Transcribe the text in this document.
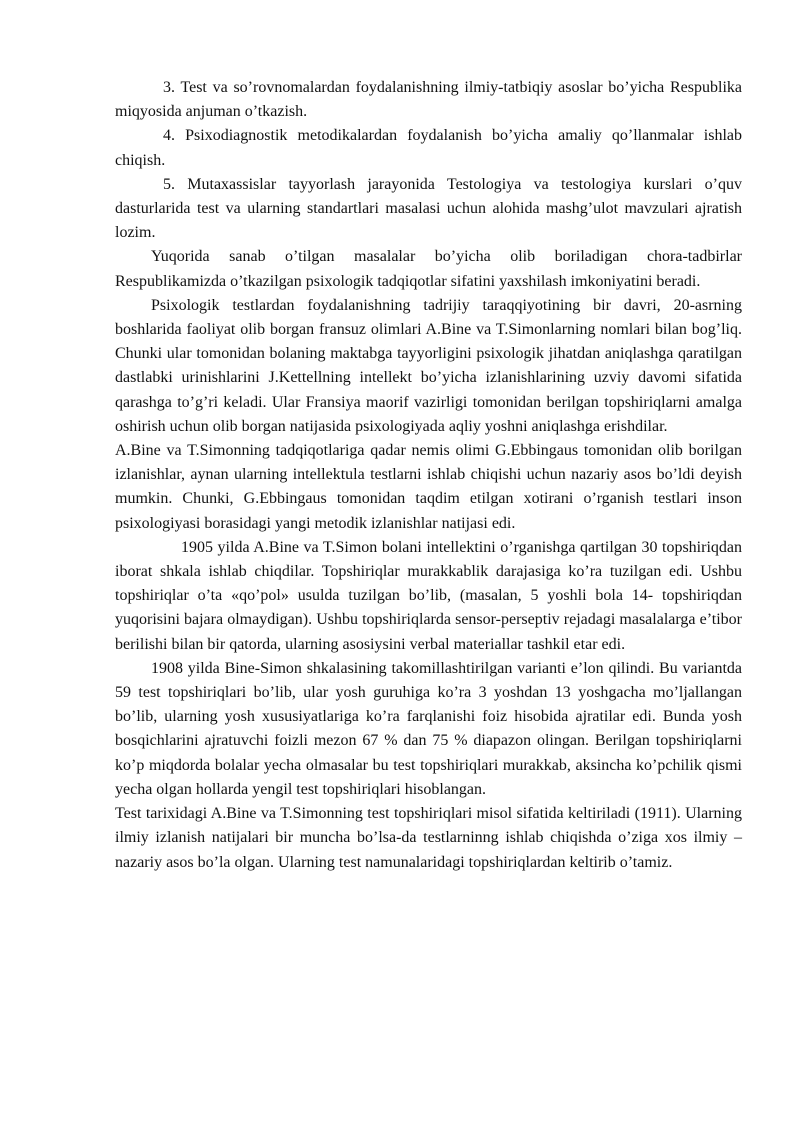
3. Test va so’rovnomalardan foydalanishning ilmiy-tatbiqiy asoslar bo’yicha Respublika miqyosida anjuman o’tkazish.

4. Psixodiagnostik metodikalardan foydalanish bo’yicha amaliy qo’llanmalar ishlab chiqish.

5. Mutaxassislar tayyorlash jarayonida Testologiya va testologiya kurslari o’quv dasturlarida test va ularning standartlari masalasi uchun alohida mashg’ulot mavzulari ajratish lozim.

Yuqorida sanab o’tilgan masalalar bo’yicha olib boriladigan chora-tadbirlar Respublikamizda o’tkazilgan psixologik tadqiqotlar sifatini yaxshilash imkoniyatini beradi.

Psixologik testlardan foydalanishning tadrijiy taraqqiyotining bir davri, 20-asrning boshlarida faoliyat olib borgan fransuz olimlari A.Bine va T.Simonlarning nomlari bilan bog’liq. Chunki ular tomonidan bolaning maktabga tayyorligini psixologik jihatdan aniqlashga qaratilgan dastlabki urinishlarini J.Kettellning intellekt bo’yicha izlanishlarining uzviy davomi sifatida qarashga to’g’ri keladi. Ular Fransiya maorif vazirligi tomonidan berilgan topshiriqlarni amalga oshirish uchun olib borgan natijasida psixologiyada aqliy yoshni aniqlashga erishdilar.

A.Bine va T.Simonning tadqiqotlariga qadar nemis olimi G.Ebbingaus tomonidan olib borilgan izlanishlar, aynan ularning intellektula testlarni ishlab chiqishi uchun nazariy asos bo’ldi deyish mumkin. Chunki, G.Ebbingaus tomonidan taqdim etilgan xotirani o’rganish testlari inson psixologiyasi borasidagi yangi metodik izlanishlar natijasi edi.

1905 yilda A.Bine va T.Simon bolani intellektini o’rganishga qartilgan 30 topshiriqdan iborat shkala ishlab chiqdilar. Topshiriqlar murakkablik darajasiga ko’ra tuzilgan edi. Ushbu topshiriqlar o’ta «qo’pol» usulda tuzilgan bo’lib, (masalan, 5 yoshli bola 14- topshiriqdan yuqorisini bajara olmaydigan). Ushbu topshiriqlarda sensor-perseptiv rejadagi masalalarga e’tibor berilishi bilan bir qatorda, ularning asosiysini verbal materiallar tashkil etar edi.

1908 yilda Bine-Simon shkalasining takomillashtirilgan varianti e’lon qilindi. Bu variantda 59 test topshiriqlari bo’lib, ular yosh guruhiga ko’ra 3 yoshdan 13 yoshgacha mo’ljallangan bo’lib, ularning yosh xususiyatlariga ko’ra farqlanishi foiz hisobida ajratilar edi. Bunda yosh bosqichlarini ajratuvchi foizli mezon 67 % dan 75 % diapazon olingan. Berilgan topshiriqlarni ko’p miqdorda bolalar yecha olmasalar bu test topshiriqlari murakkab, aksincha ko’pchilik qismi yecha olgan hollarda yengil test topshiriqlari hisoblangan.

Test tarixidagi A.Bine va T.Simonning test topshiriqlari misol sifatida keltiriladi (1911). Ularning ilmiy izlanish natijalari bir muncha bo’lsa-da testlarninng ishlab chiqishda o’ziga xos ilmiy – nazariy asos bo’la olgan. Ularning test namunalaridagi topshiriqlardan keltirib o’tamiz.
